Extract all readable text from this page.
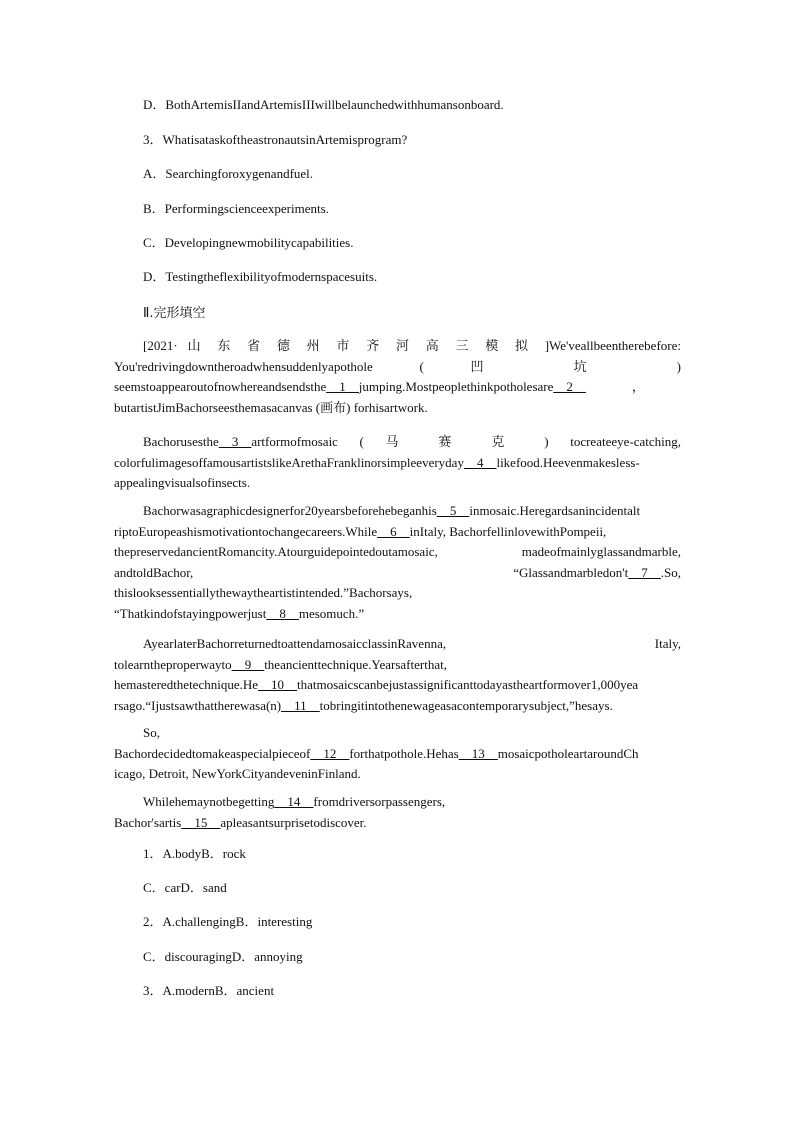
D．BothArtemisIIandArtemisIIIwillbelaunchedwithhumansonboard.
3．WhatisataskoftheastronautsinArtemisprogram?
A．Searchingforoxygenandfuel.
B．Performingscienceexperiments.
C．Developingnewmobilitycapabilities.
D．Testingtheflexibilityofmodernspacesuits.
Ⅱ.完形填空
[2021· 山 东 省 德 州 市 齐 河 高 三 模 拟 ]We'veallbeentherebefore:
You'redrivingdowntheroadwhensuddenlyapothole ( 凹 坑 )
seemstoappearoutofnowhereandsendsthe__1__jumping.Mostpeoplethinkpotholesare__2__	，
butartistJimBachorseesthemasacanvas (画布) forhisartwork.
Bachorusesthe__3__artformofmosaic ( 马 赛 克 ) tocreateeye-catching,
colorfulimagesoffamousartistslikeArethaFranklinorsimpleeveryday__4__likefood.Heevenmakesless-
appealingvisualsofinsects.
Bachorwasagraphicdesignerfor20yearsbeforehebeganhis__5__inmosaic.Heregardsanincidentalt
riptoEuropeashismotivationtochangecareers.While__6__inItaly, BachorfellinlovewithPompeii,
thepreservedancientRomancity.Atourguidepointedoutamosaic, madeofmainlyglassandmarble,
andtoldBachor, “Glassandmarbledon't__7__.So,
thislooksessentiallythewaytheartistintended.”Bachorsays,
“Thatkindofstayingpowerjust__8__mesomuch.”
AyearlaterBachorreturnedtoattendamosaicclassinRavenna, Italy,
tolearntheproperwayto__9__theancienttechnique.Yearsafterthat,
hemasteredthetechnique.He__10__thatmosaicscanbejustassignificanttodayastheartformover1,000yea
rsago.“Ijustsawthattherewasa(n)__11__tobringitintothenewageasacontemporarysubject,”hesays.
So,
Bachordecidedtomakeaspecialpieceof__12__forthatpothole.Hehas__13__mosaicpotholeartaroundCh
icago, Detroit, NewYorkCityandeveninFinland.
Whilehemaynotbegetting__14__fromdriversorpassengers,
Bachor'sartis__15__apleasantsurprisetodiscover.
1．A.bodyB．rock
C．carD．sand
2．A.challengingB．interesting
C．discouragingD．annoying
3．A.modernB．ancient
